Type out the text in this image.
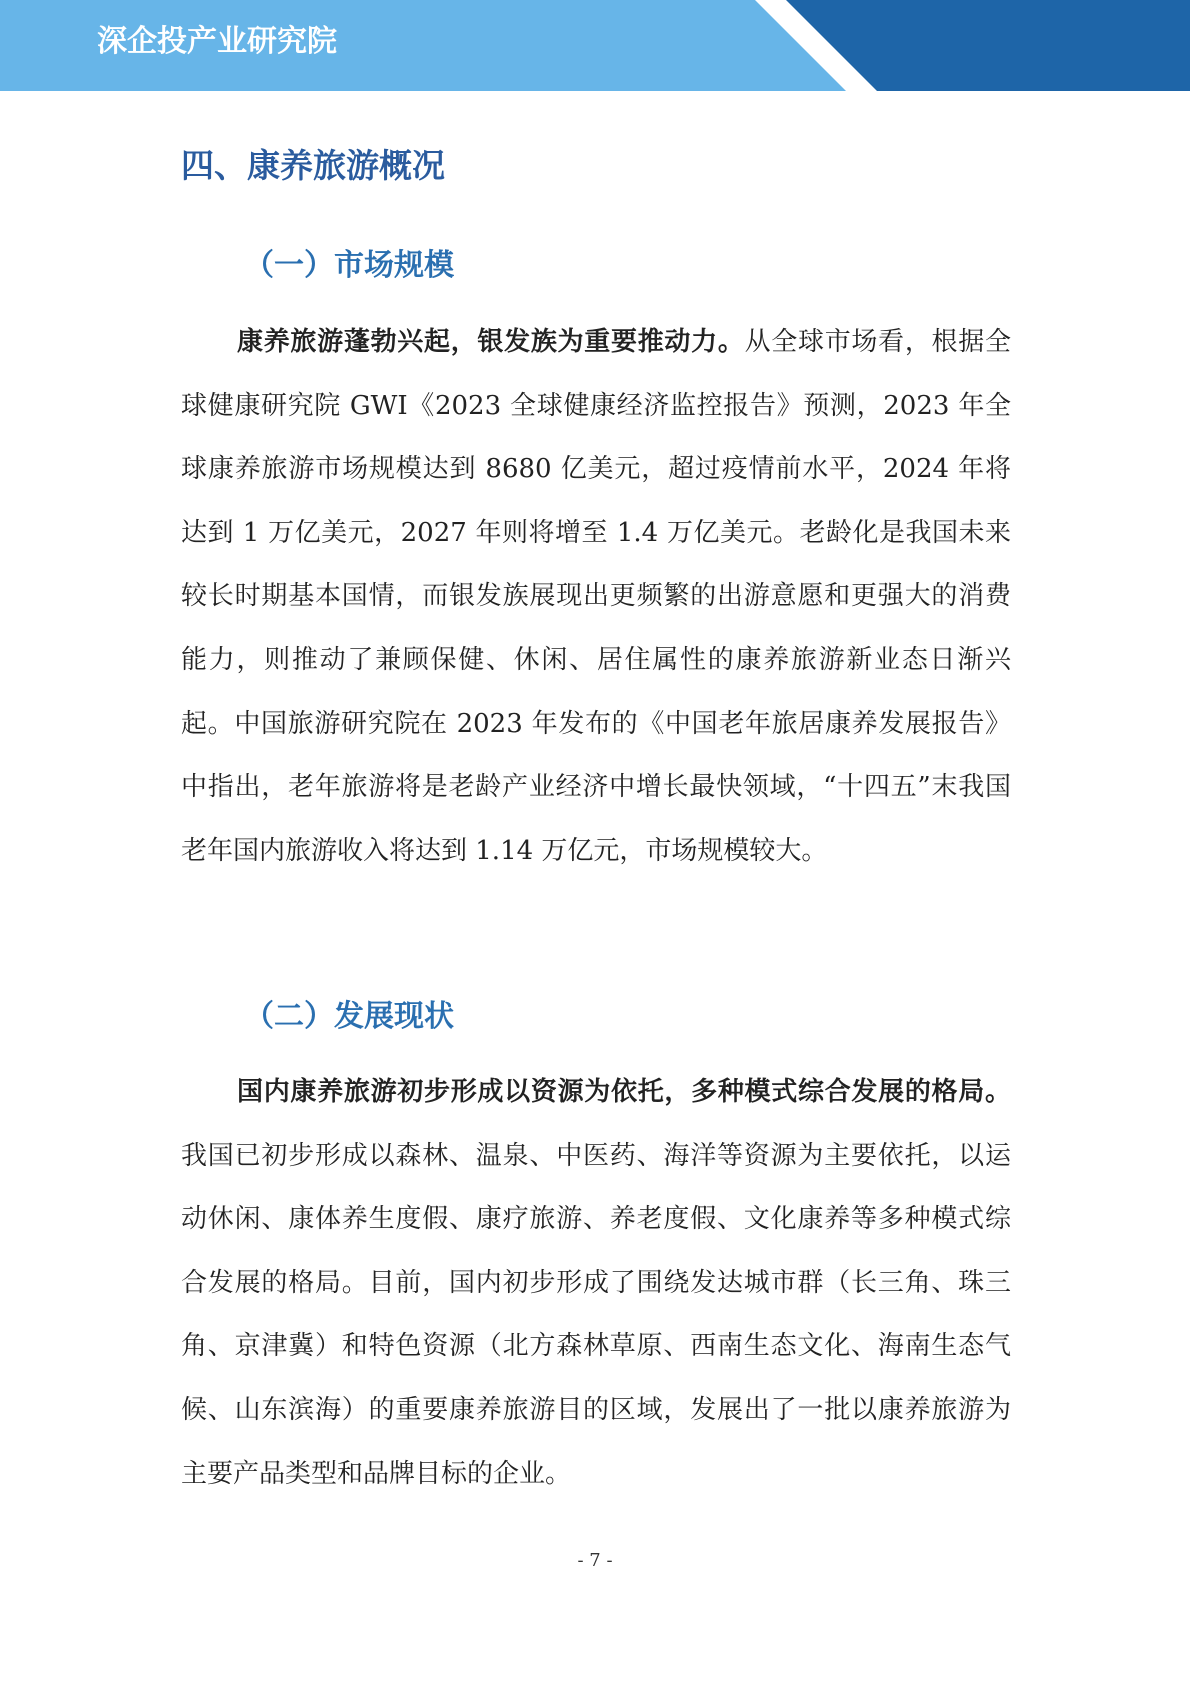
深企投产业研究院
四、康养旅游概况
（一）市场规模

康养旅游蓬勃兴起，银发族为重要推动力。从全球市场看，根据全球健康研究院 GWI《2023 全球健康经济监控报告》预测，2023 年全球康养旅游市场规模达到 8680 亿美元，超过疫情前水平，2024 年将达到 1 万亿美元，2027 年则将增至 1.4 万亿美元。老龄化是我国未来较长时期基本国情，而银发族展现出更频繁的出游意愿和更强大的消费能力，则推动了兼顾保健、休闲、居住属性的康养旅游新业态日渐兴起。中国旅游研究院在 2023 年发布的《中国老年旅居康养发展报告》中指出，老年旅游将是老龄产业经济中增长最快领域，“十四五”末我国老年国内旅游收入将达到 1.14 万亿元，市场规模较大。

（二）发展现状

国内康养旅游初步形成以资源为依托，多种模式综合发展的格局。我国已初步形成以森林、温泉、中医药、海洋等资源为主要依托，以运动休闲、康体养生度假、康疗旅游、养老度假、文化康养等多种模式综合发展的格局。目前，国内初步形成了围绕发达城市群（长三角、珠三角、京津冀）和特色资源（北方森林草原、西南生态文化、海南生态气候、山东滨海）的重要康养旅游目的区域，发展出了一批以康养旅游为主要产品类型和品牌目标的企业。

- 7 -
